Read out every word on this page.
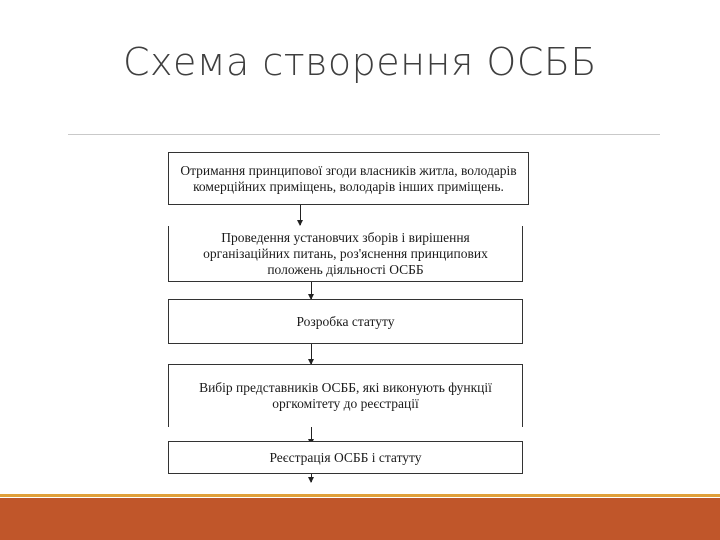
Схема створення ОСББ
Отримання принципової згоди власників житла, володарів комерційних приміщень, володарів інших приміщень.
Проведення установчих зборів і вирішення організаційних питань, роз'яснення принципових положень діяльності ОСББ
Розробка статуту
Вибір представників ОСББ, які виконують функції оргкомітету до реєстрації
Реєстрація ОСББ і статуту
